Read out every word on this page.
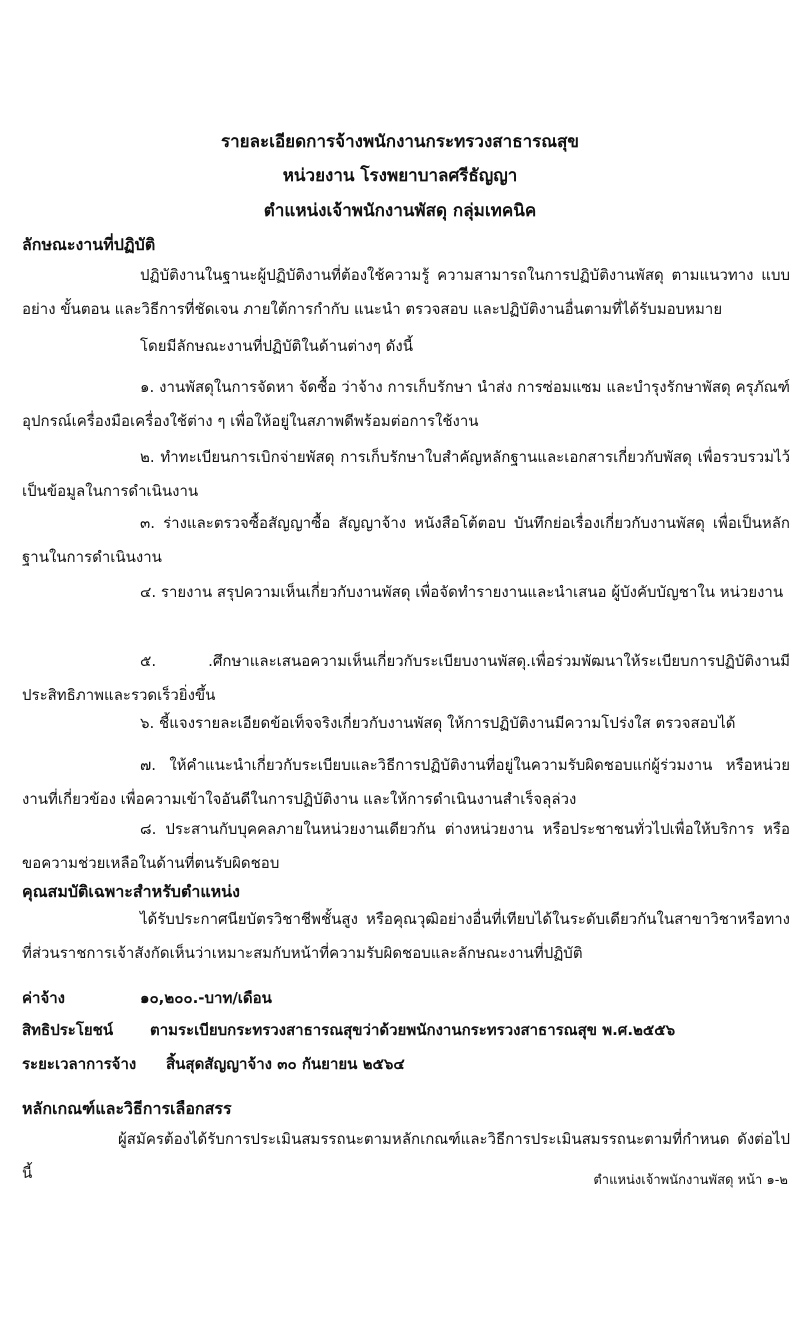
รายละเอียดการจ้างพนักงานกระทรวงสาธารณสุข
หน่วยงาน โรงพยาบาลศรีธัญญา
ตำแหน่งเจ้าพนักงานพัสดุ กลุ่มเทคนิค
ลักษณะงานที่ปฏิบัติ
ปฏิบัติงานในฐานะผู้ปฏิบัติงานที่ต้องใช้ความรู้ ความสามารถในการปฏิบัติงานพัสดุ ตามแนวทาง แบบอย่าง ขั้นตอน และวิธีการที่ชัดเจน ภายใต้การกำกับ แนะนำ ตรวจสอบ และปฏิบัติงานอื่นตามที่ได้รับมอบหมาย
โดยมีลักษณะงานที่ปฏิบัติในด้านต่างๆ ดังนี้
๑. งานพัสดุในการจัดหา จัดซื้อ ว่าจ้าง การเก็บรักษา นำส่ง การซ่อมแซม และบำรุงรักษาพัสดุ ครุภัณฑ์ อุปกรณ์เครื่องมือเครื่องใช้ต่าง ๆ เพื่อให้อยู่ในสภาพดีพร้อมต่อการใช้งาน
๒. ทำทะเบียนการเบิกจ่ายพัสดุ การเก็บรักษาใบสำคัญหลักฐานและเอกสารเกี่ยวกับพัสดุ เพื่อรวบรวมไว้เป็นข้อมูลในการดำเนินงาน
๓. ร่างและตรวจซื้อสัญญาซื้อ สัญญาจ้าง หนังสือโต้ตอบ บันทึกย่อเรื่องเกี่ยวกับงานพัสดุ เพื่อเป็นหลักฐานในการดำเนินงาน
๔. รายงาน สรุปความเห็นเกี่ยวกับงานพัสดุ เพื่อจัดทำรายงานและนำเสนอ ผู้บังคับบัญชาใน หน่วยงาน
๕. .ศึกษาและเสนอความเห็นเกี่ยวกับระเบียบงานพัสดุ.เพื่อร่วมพัฒนาให้ระเบียบการปฏิบัติงานมีประสิทธิภาพและรวดเร็วยิ่งขึ้น
๖. ชี้แจงรายละเอียดข้อเท็จจริงเกี่ยวกับงานพัสดุ ให้การปฏิบัติงานมีความโปร่งใส ตรวจสอบได้
๗. ให้คำแนะนำเกี่ยวกับระเบียบและวิธีการปฏิบัติงานที่อยู่ในความรับผิดชอบแก่ผู้ร่วมงาน หรือหน่วยงานที่เกี่ยวข้อง เพื่อความเข้าใจอันดีในการปฏิบัติงาน และให้การดำเนินงานสำเร็จลุล่วง
๘. ประสานกับบุคคลภายในหน่วยงานเดียวกัน ต่างหน่วยงาน หรือประชาชนทั่วไปเพื่อให้บริการ หรือขอความช่วยเหลือในด้านที่ตนรับผิดชอบ
คุณสมบัติเฉพาะสำหรับตำแหน่ง
ได้รับประกาศนียบัตรวิชาชีพชั้นสูง หรือคุณวุฒิอย่างอื่นที่เทียบได้ในระดับเดียวกันในสาขาวิชาหรือทางที่ส่วนราชการเจ้าสังกัดเห็นว่าเหมาะสมกับหน้าที่ความรับผิดชอบและลักษณะงานที่ปฏิบัติ
ค่าจ้าง	๑๐,๒๐๐.-บาท/เดือน
สิทธิประโยชน์ ตามระเบียบกระทรวงสาธารณสุขว่าด้วยพนักงานกระทรวงสาธารณสุข พ.ศ.๒๕๕๖
ระยะเวลาการจ้าง สิ้นสุดสัญญาจ้าง ๓๐ กันยายน ๒๕๖๔
หลักเกณฑ์และวิธีการเลือกสรร
ผู้สมัครต้องได้รับการประเมินสมรรถนะตามหลักเกณฑ์และวิธีการประเมินสมรรถนะตามที่กำหนด ดังต่อไปนี้	ตำแหน่งเจ้าพนักงานพัสดุ หน้า ๑-๒
